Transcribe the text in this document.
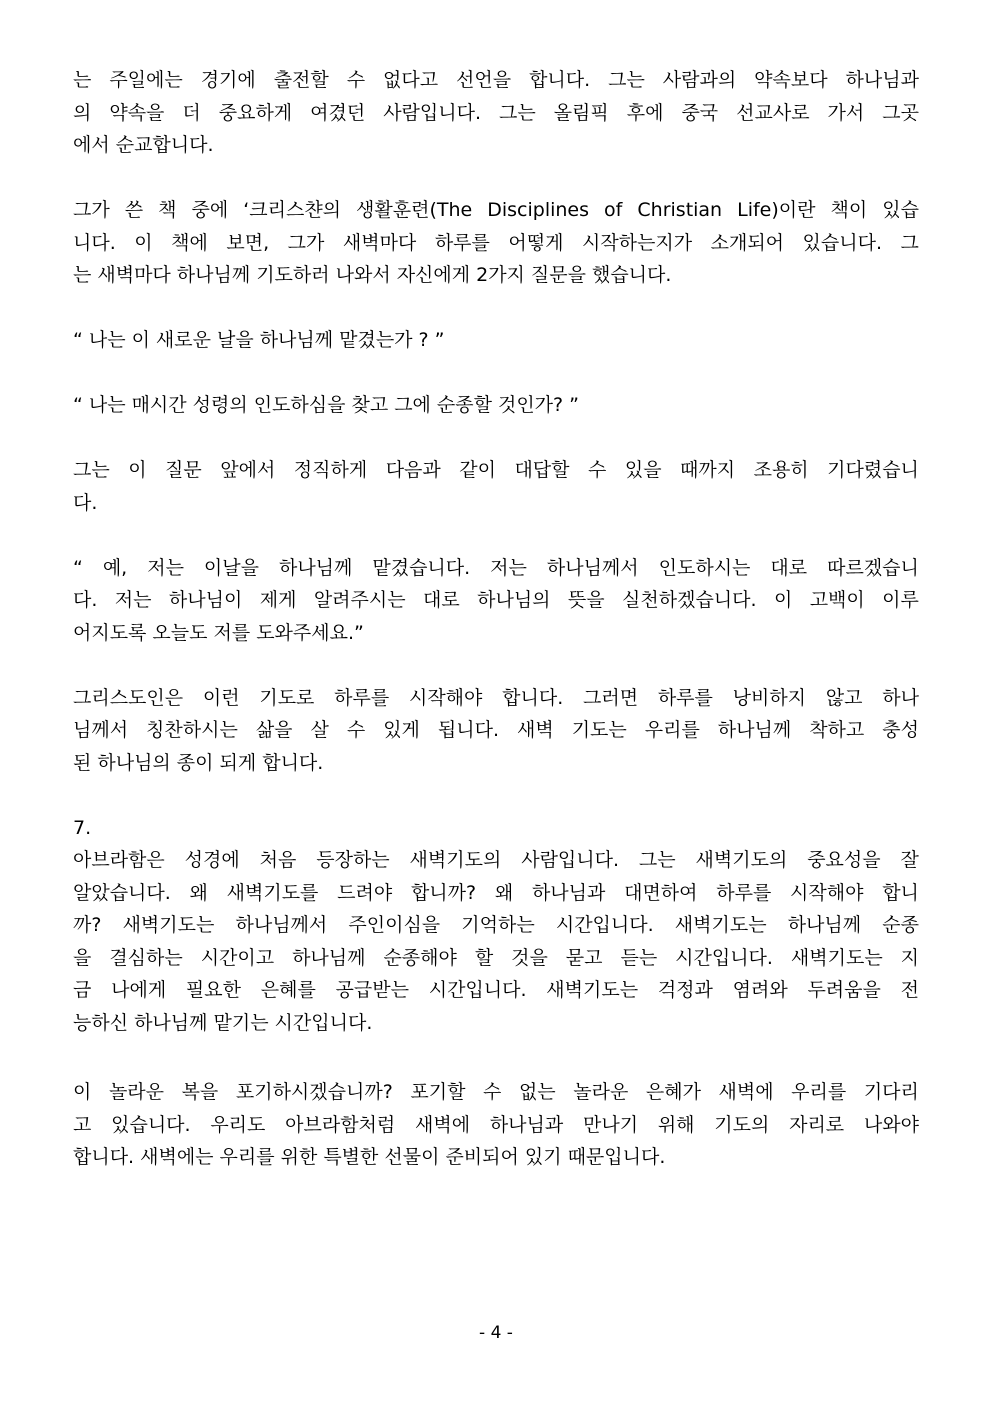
는 주일에는 경기에 출전할 수 없다고 선언을 합니다. 그는 사람과의 약속보다 하나님과
의 약속을 더 중요하게 여겼던 사람입니다. 그는 올림픽 후에 중국 선교사로 가서 그곳
에서 순교합니다.
그가 쓴 책 중에 ‘크리스챤의 생활훈련(The Disciplines of Christian Life)이란 책이 있습
니다. 이 책에 보면, 그가 새벽마다 하루를 어떻게 시작하는지가 소개되어 있습니다. 그
는 새벽마다 하나님께 기도하러 나와서 자신에게 2가지 질문을 했습니다.
“ 나는 이 새로운 날을 하나님께 맡겼는가 ? ”
“ 나는 매시간 성령의 인도하심을 찾고 그에 순종할 것인가? ”
그는 이 질문 앞에서 정직하게 다음과 같이 대답할 수 있을 때까지 조용히 기다렸습니
다.
“ 예, 저는 이날을 하나님께 맡겼습니다. 저는 하나님께서 인도하시는 대로 따르겠습니
다. 저는 하나님이 제게 알려주시는 대로 하나님의 뜻을 실천하겠습니다. 이 고백이 이루
어지도록 오늘도 저를 도와주세요.”
그리스도인은 이런 기도로 하루를 시작해야 합니다. 그러면 하루를 낭비하지 않고 하나
님께서 칭찬하시는 삶을 살 수 있게 됩니다. 새벽 기도는 우리를 하나님께 착하고 충성
된 하나님의 종이 되게 합니다.
7.
아브라함은 성경에 처음 등장하는 새벽기도의 사람입니다. 그는 새벽기도의 중요성을 잘
알았습니다. 왜 새벽기도를 드려야 합니까? 왜 하나님과 대면하여 하루를 시작해야 합니
까? 새벽기도는 하나님께서 주인이심을 기억하는 시간입니다. 새벽기도는 하나님께 순종
을 결심하는 시간이고 하나님께 순종해야 할 것을 묻고 듣는 시간입니다. 새벽기도는 지
금 나에게 필요한 은혜를 공급받는 시간입니다. 새벽기도는 걱정과 염려와 두려움을 전
능하신 하나님께 맡기는 시간입니다.
이 놀라운 복을 포기하시겠습니까? 포기할 수 없는 놀라운 은혜가 새벽에 우리를 기다리
고 있습니다. 우리도 아브라함처럼 새벽에 하나님과 만나기 위해 기도의 자리로 나와야
합니다. 새벽에는 우리를 위한 특별한 선물이 준비되어 있기 때문입니다.
- 4 -
